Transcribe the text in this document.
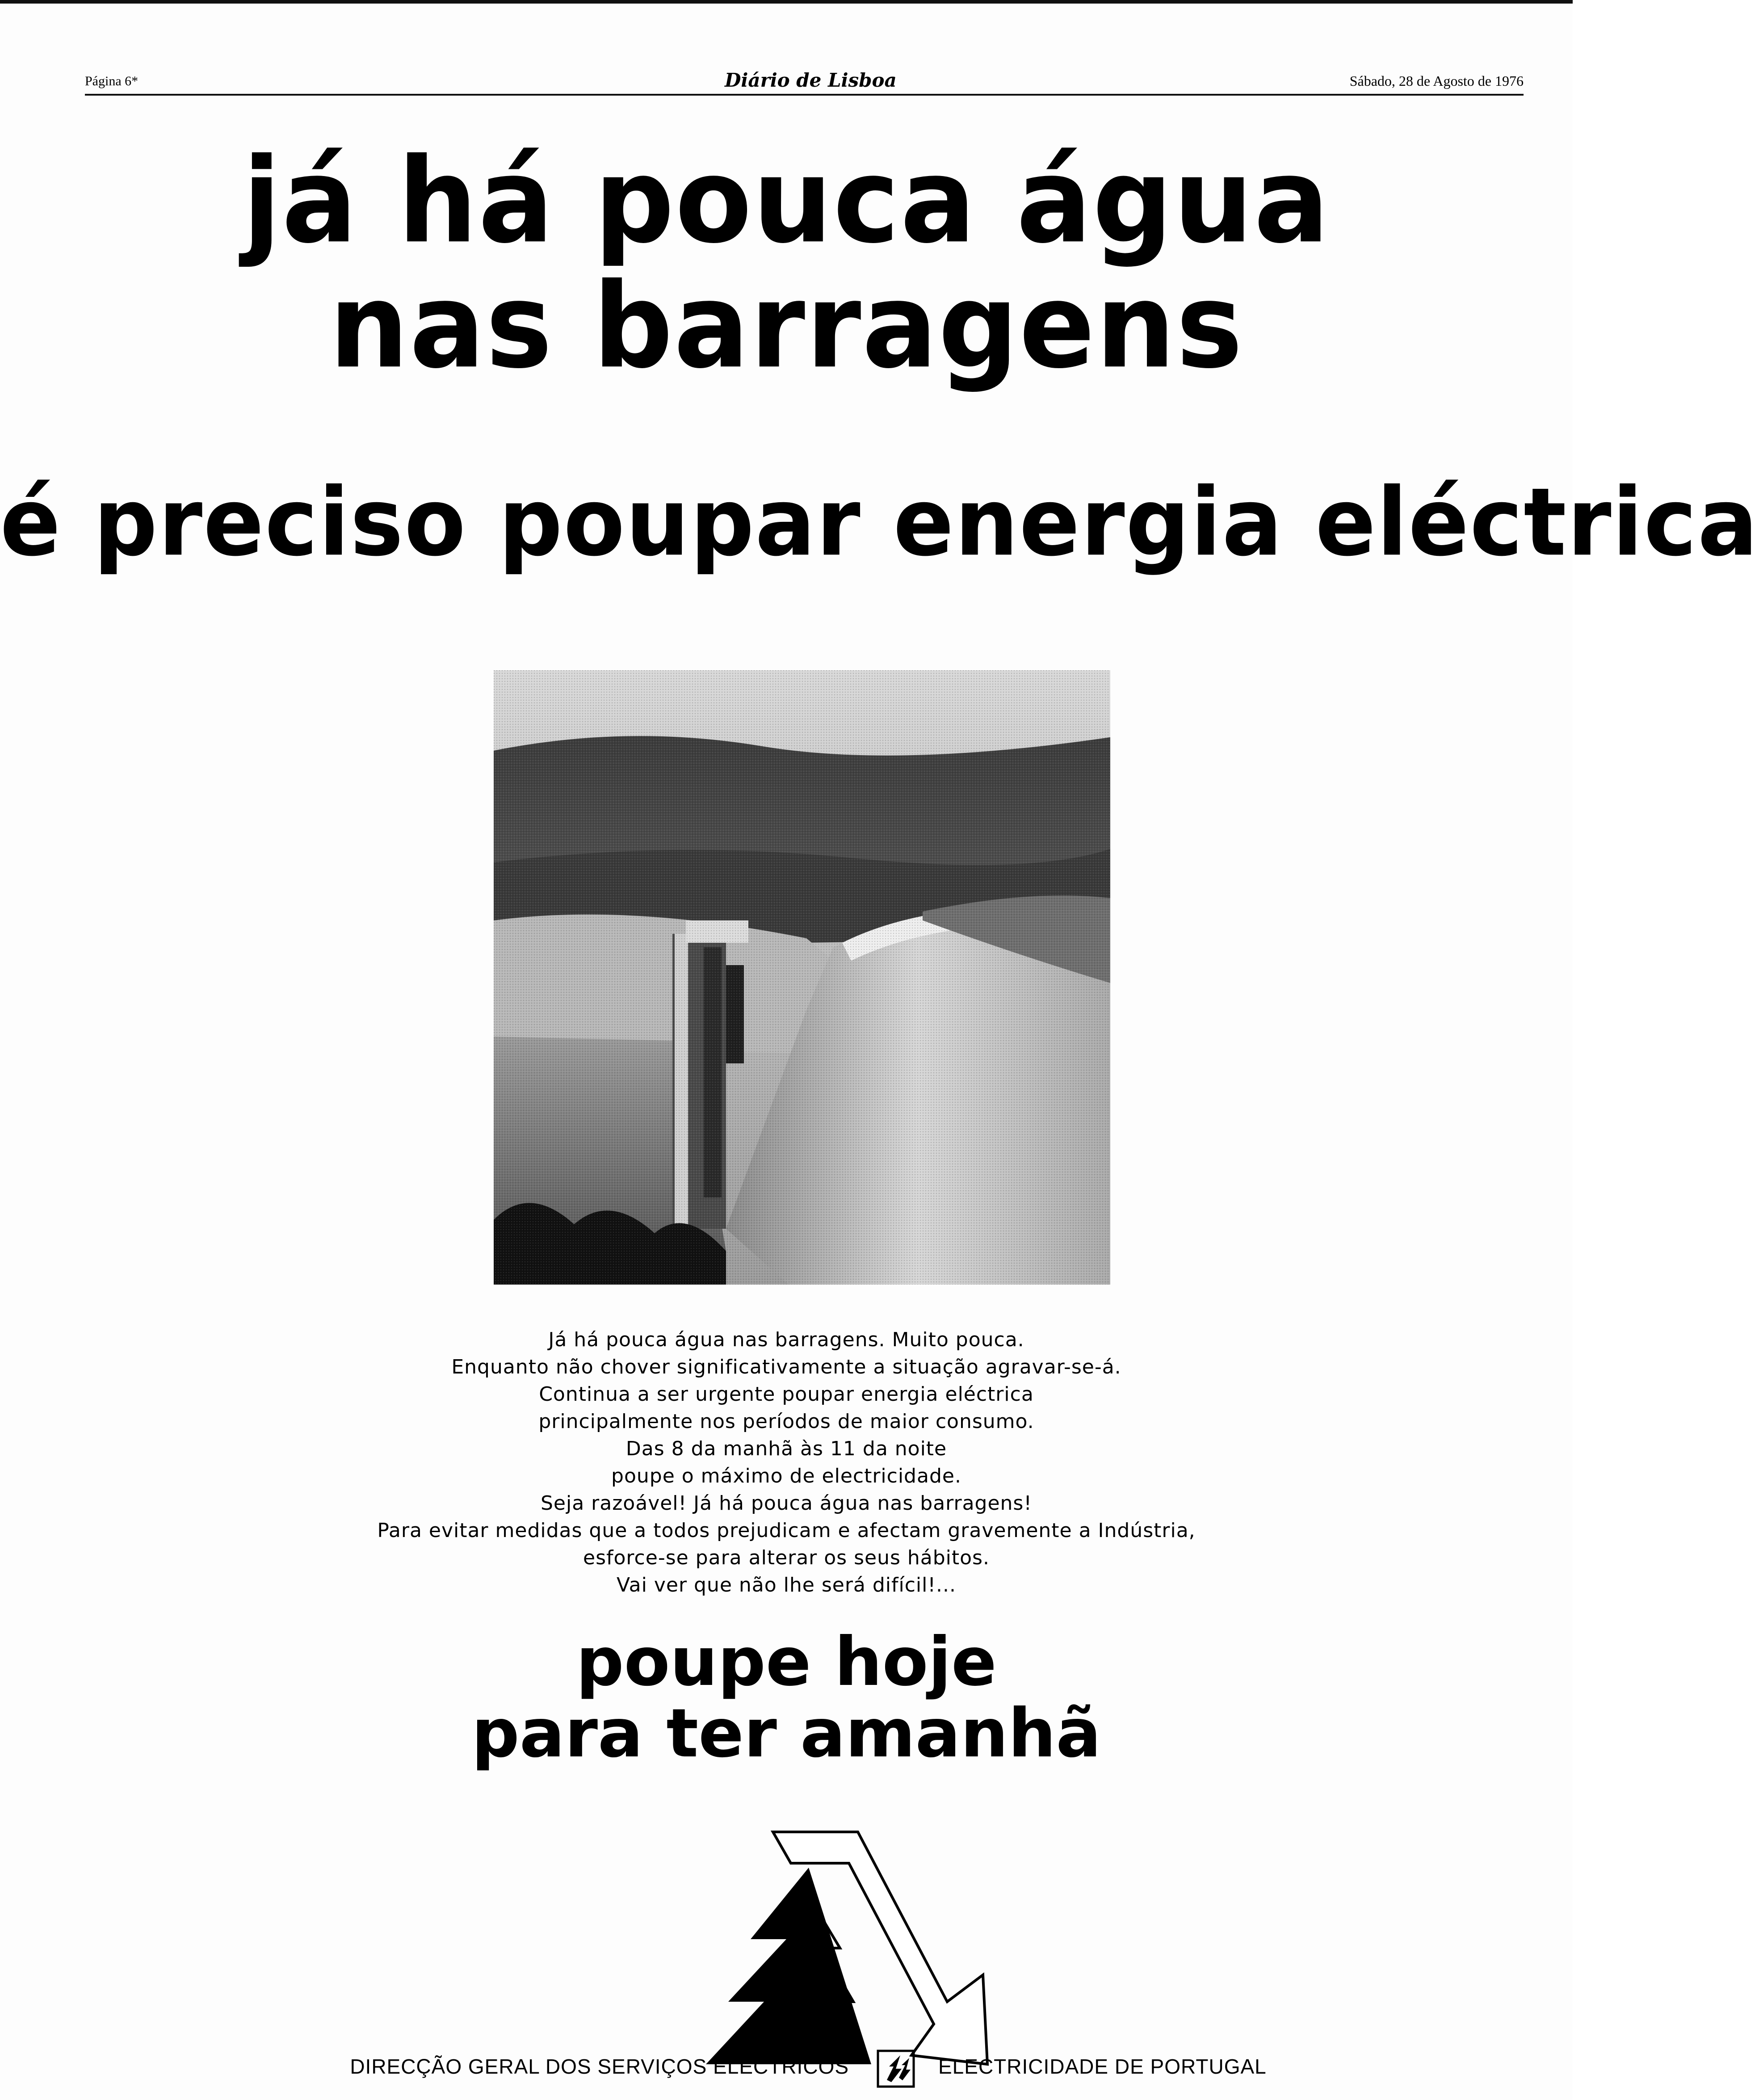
Página 6*	Diário de Lisboa	Sábado, 28 de Agosto de 1976
já há pouca água
nas barragens
é preciso poupar energia eléctrica
Já há pouca água nas barragens. Muito pouca.
Enquanto não chover significativamente a situação agravar-se-á.
Continua a ser urgente poupar energia eléctrica
principalmente nos períodos de maior consumo.
Das 8 da manhã às 11 da noite
poupe o máximo de electricidade.
Seja razoável! Já há pouca água nas barragens!
Para evitar medidas que a todos prejudicam e afectam gravemente a Indústria,
esforce-se para alterar os seus hábitos.
Vai ver que não lhe será difícil!...
poupe hoje
para ter amanhã
DIRECÇÃO GERAL DOS SERVIÇOS ELÉCTRICOS	ELECTRICIDADE DE PORTUGAL
